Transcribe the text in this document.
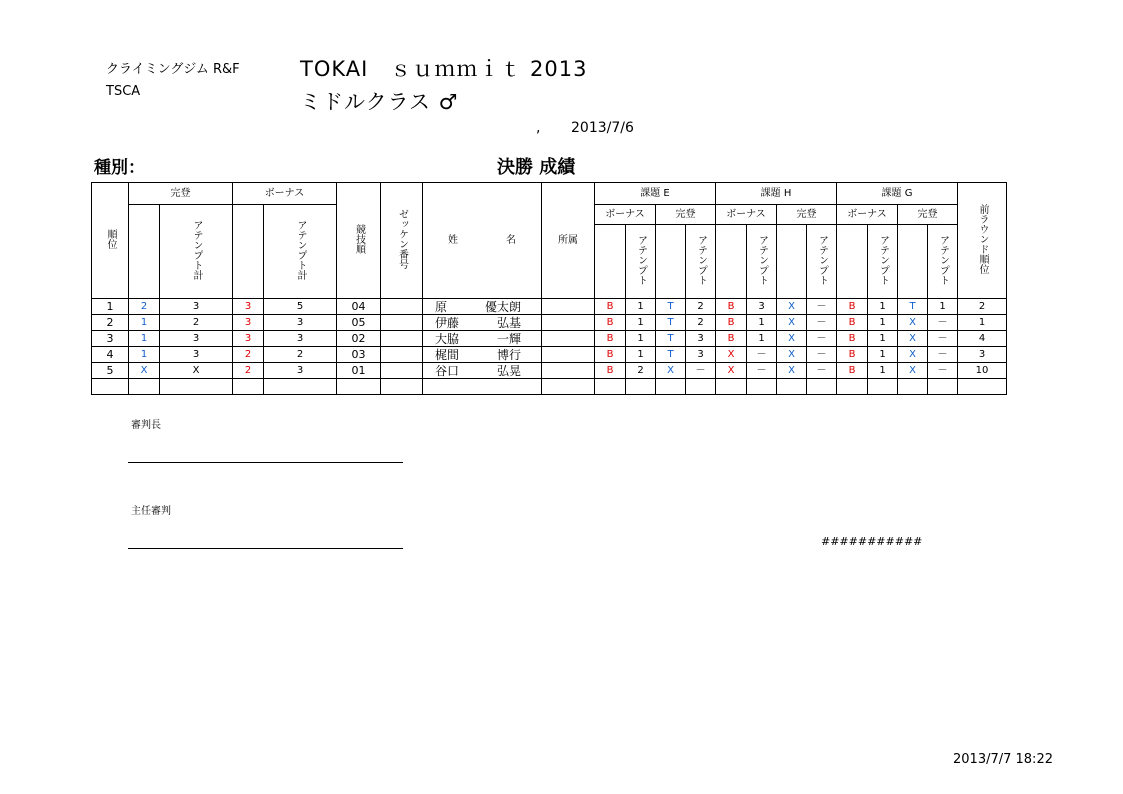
クライミングジム R&F
TSCA
TOKAI　ｓｕｍｍｉｔ 2013
ミドルクラス ♂
, 2013/7/6
種別：	決勝 成績
順位	完登		ボーナス		競技順	ゼッケン番号	姓 名	所属	課題 E				課題 H				課題 G				前ラウンド順位
		アテンプト計		アテンプト計					ボーナス		完登		ボーナス		完登		ボーナス		完登		
										アテンプト		アテンプト		アテンプト		アテンプト		アテンプト		アテンプト	
1	2	3	3	5	04		原 優太朗		B	1	T	2	B	3	X	－	B	1	T	1	2
2	1	2	3	3	05		伊藤 弘基		B	1	T	2	B	1	X	－	B	1	X	－	1
3	1	3	3	3	02		大脇 一輝		B	1	T	3	B	1	X	－	B	1	X	－	4
4	1	3	2	2	03		梶間 博行		B	1	T	3	X	－	X	－	B	1	X	－	3
5	X	X	2	3	01		谷口 弘晃		B	2	X	－	X	－	X	－	B	1	X	－	10

審判長
主任審判
###########
2013/7/7 18:22
